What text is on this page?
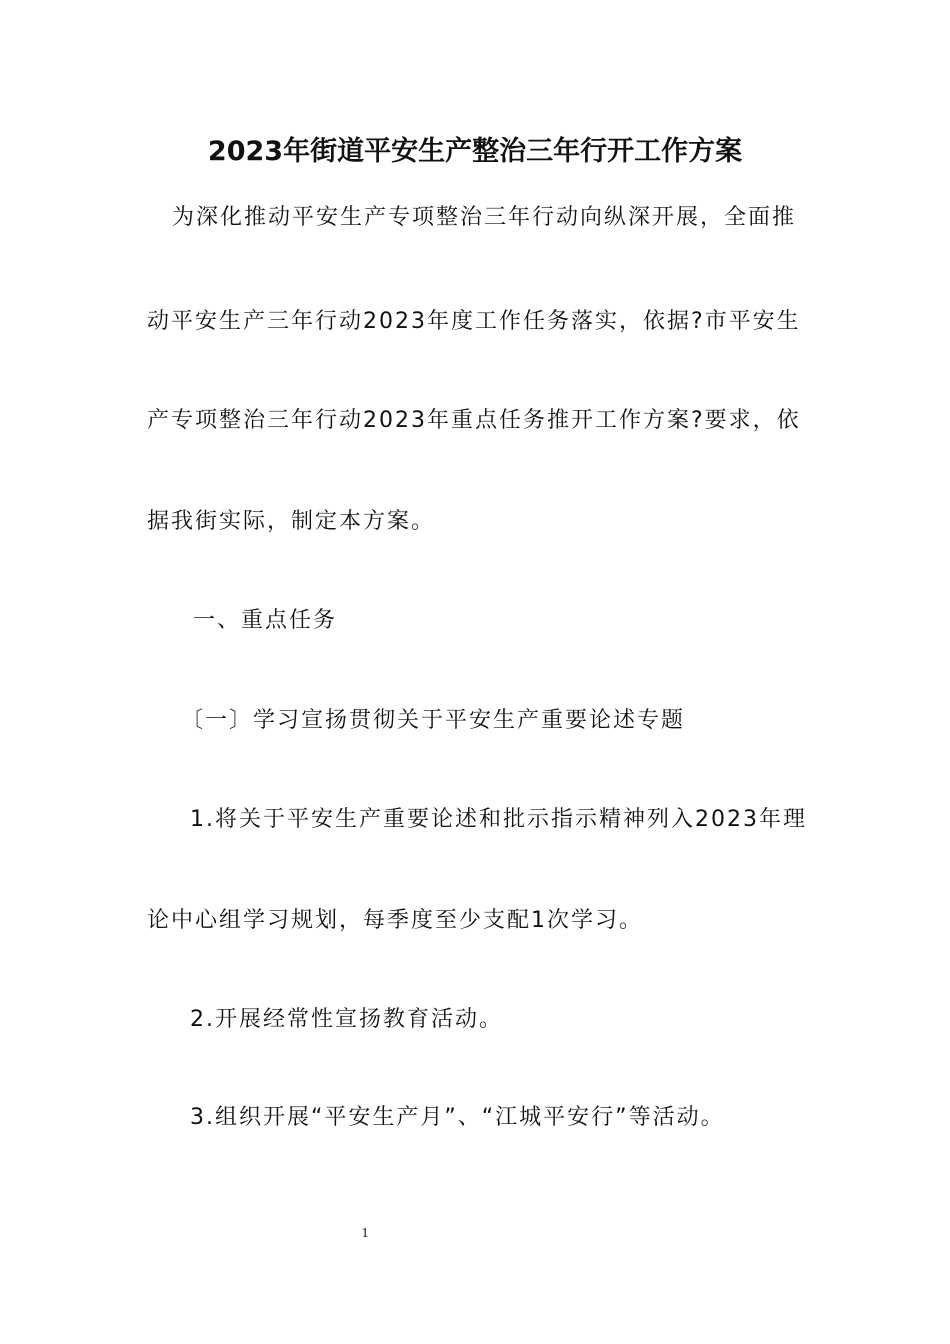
2023年街道平安生产整治三年行开工作方案
为深化推动平安生产专项整治三年行动向纵深开展，全面推
动平安生产三年行动2023年度工作任务落实，依据?市平安生
产专项整治三年行动2023年重点任务推开工作方案?要求，依
据我街实际，制定本方案。
一、重点任务
〔一〕学习宣扬贯彻关于平安生产重要论述专题
1.将关于平安生产重要论述和批示指示精神列入2023年理
论中心组学习规划，每季度至少支配1次学习。
2.开展经常性宣扬教育活动。
3.组织开展“平安生产月”、“江城平安行”等活动。
1
